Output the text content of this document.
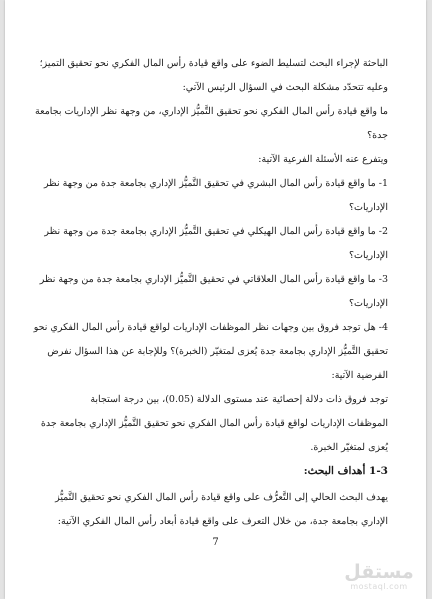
الباحثة لإجراء البحث لتسليط الضوء على واقع قيادة رأس المال الفكري نحو تحقيق التميز؛
وعليه تتحدّد مشكلة البحث في السؤال الرئيس الآتي:
ما واقع قيادة رأس المال الفكري نحو تحقيق التَّميُّز الإداري، من وجهة نظر الإداريات بجامعة
جدة؟
ويتفرع عنه الأسئلة الفرعية الآتية:
1- ما واقع قيادة رأس المال البشري في تحقيق التَّميُّز الإداري بجامعة جدة من وجهة نظر
الإداريات؟
2- ما واقع قيادة رأس المال الهيكلي في تحقيق التَّميُّز الإداري بجامعة جدة من وجهة نظر
الإداريات؟
3- ما واقع قيادة رأس المال العلاقاتي في تحقيق التَّميُّز الإداري بجامعة جدة من وجهة نظر
الإداريات؟
4- هل توجد فروق بين وجهات نظر الموظفات الإداريات لواقع قيادة رأس المال الفكري نحو
تحقيق التَّميُّز الإداري بجامعة جدة يُعزى لمتغيّر (الخبرة)؟ وللإجابة عن هذا السؤال نفرض
الفرضية الآتية:
توجد فروق ذات دلالة إحصائية عند مستوى الدلالة (0.05)، بين درجة استجابة
الموظفات الإداريات لواقع قيادة رأس المال الفكري نحو تحقيق التَّميُّز الإداري بجامعة جدة
يُعزى لمتغيّر الخبرة.
1-3 أهداف البحث:
يهدف البحث الحالي إلى التَّعرُّف على واقع قيادة رأس المال الفكري نحو تحقيق التَّميُّز
الإداري بجامعة جدة، من خلال التعرف على واقع قيادة أبعاد رأس المال الفكري الآتية:
7
مستقل
mostaql.com
